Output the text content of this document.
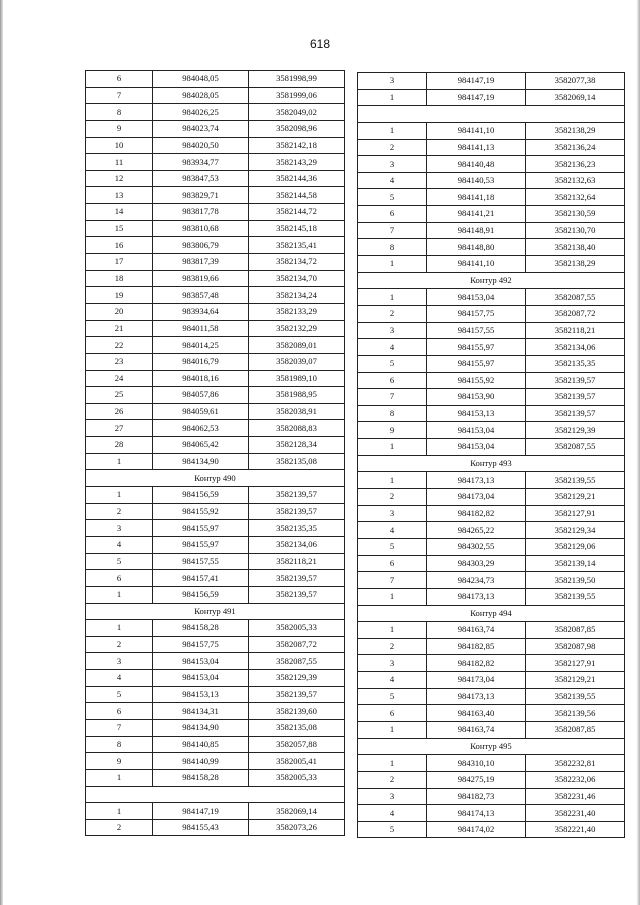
618
6	984048,05	3581998,99
7	984028,05	3581999,06
8	984026,25	3582049,02
9	984023,74	3582098,96
10	984020,50	3582142,18
11	983934,77	3582143,29
12	983847,53	3582144,36
13	983829,71	3582144,58
14	983817,78	3582144,72
15	983810,68	3582145,18
16	983806,79	3582135,41
17	983817,39	3582134,72
18	983819,66	3582134,70
19	983857,48	3582134,24
20	983934,64	3582133,29
21	984011,58	3582132,29
22	984014,25	3582089,01
23	984016,79	3582039,07
24	984018,16	3581989,10
25	984057,86	3581988,95
26	984059,61	3582038,91
27	984062,53	3582088,83
28	984065,42	3582128,34
1	984134,90	3582135,08
Контур 490		
1	984156,59	3582139,57
2	984155,92	3582139,57
3	984155,97	3582135,35
4	984155,97	3582134,06
5	984157,55	3582118,21
6	984157,41	3582139,57
1	984156,59	3582139,57
Контур 491		
1	984158,28	3582005,33
2	984157,75	3582087,72
3	984153,04	3582087,55
4	984153,04	3582129,39
5	984153,13	3582139,57
6	984134,31	3582139,60
7	984134,90	3582135,08
8	984140,85	3582057,88
9	984140,99	3582005,41
1	984158,28	3582005,33

1	984147,19	3582069,14
2	984155,43	3582073,26
3	984147,19	3582077,38
1	984147,19	3582069,14

1	984141,10	3582138,29
2	984141,13	3582136,24
3	984140,48	3582136,23
4	984140,53	3582132,63
5	984141,18	3582132,64
6	984141,21	3582130,59
7	984148,91	3582130,70
8	984148,80	3582138,40
1	984141,10	3582138,29
Контур 492		
1	984153,04	3582087,55
2	984157,75	3582087,72
3	984157,55	3582118,21
4	984155,97	3582134,06
5	984155,97	3582135,35
6	984155,92	3582139,57
7	984153,90	3582139,57
8	984153,13	3582139,57
9	984153,04	3582129,39
1	984153,04	3582087,55
Контур 493		
1	984173,13	3582139,55
2	984173,04	3582129,21
3	984182,82	3582127,91
4	984265,22	3582129,34
5	984302,55	3582129,06
6	984303,29	3582139,14
7	984234,73	3582139,50
1	984173,13	3582139,55
Контур 494		
1	984163,74	3582087,85
2	984182,85	3582087,98
3	984182,82	3582127,91
4	984173,04	3582129,21
5	984173,13	3582139,55
6	984163,40	3582139,56
1	984163,74	3582087,85
Контур 495		
1	984310,10	3582232,81
2	984275,19	3582232,06
3	984182,73	3582231,46
4	984174,13	3582231,40
5	984174,02	3582221,40
